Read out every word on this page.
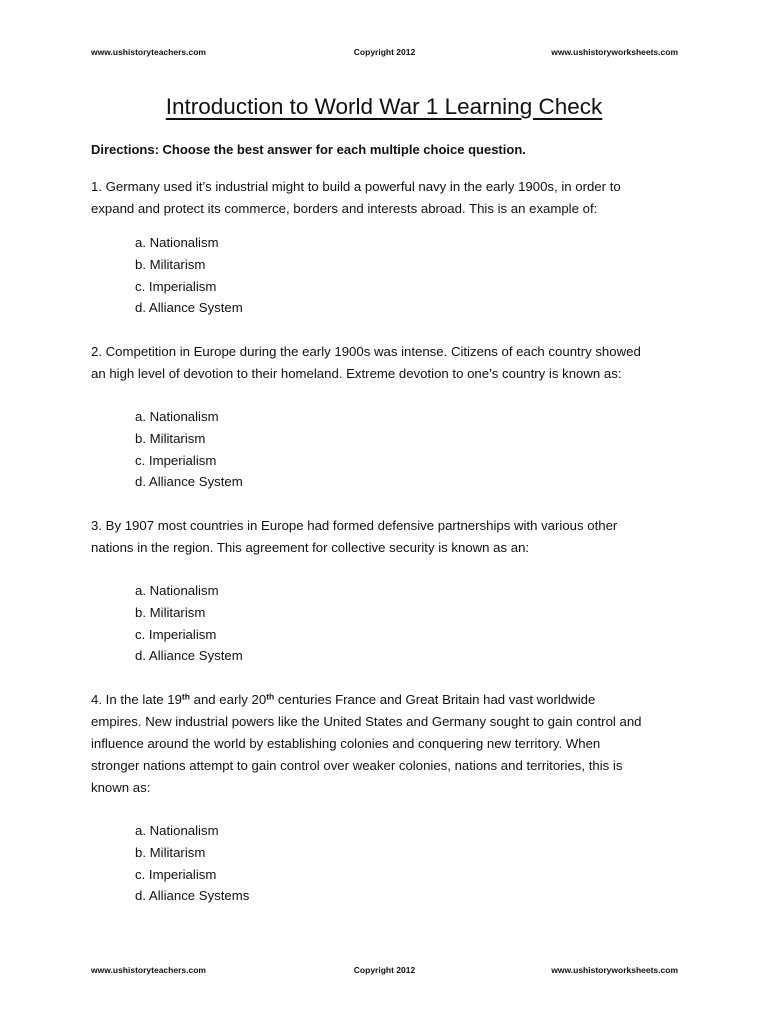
www.ushistoryteachers.com	Copyright 2012	www.ushistoryworksheets.com
Introduction to World War 1 Learning Check
Directions: Choose the best answer for each multiple choice question.

1. Germany used it’s industrial might to build a powerful navy in the early 1900s, in order to

expand and protect its commerce, borders and interests abroad. This is an example of:

a. Nationalism
b. Militarism
c. Imperialism
d. Alliance System

2. Competition in Europe during the early 1900s was intense. Citizens of each country showed

an high level of devotion to their homeland. Extreme devotion to one’s country is known as:

a. Nationalism
b. Militarism
c. Imperialism
d. Alliance System

3. By 1907 most countries in Europe had formed defensive partnerships with various other

nations in the region. This agreement for collective security is known as an:

a. Nationalism
b. Militarism
c. Imperialism
d. Alliance System

4. In the late 19th and early 20th centuries France and Great Britain had vast worldwide

empires. New industrial powers like the United States and Germany sought to gain control and

influence around the world by establishing colonies and conquering new territory. When

stronger nations attempt to gain control over weaker colonies, nations and territories, this is

known as:

a. Nationalism
b. Militarism
c. Imperialism
d. Alliance Systems
www.ushistoryteachers.com	Copyright 2012	www.ushistoryworksheets.com
